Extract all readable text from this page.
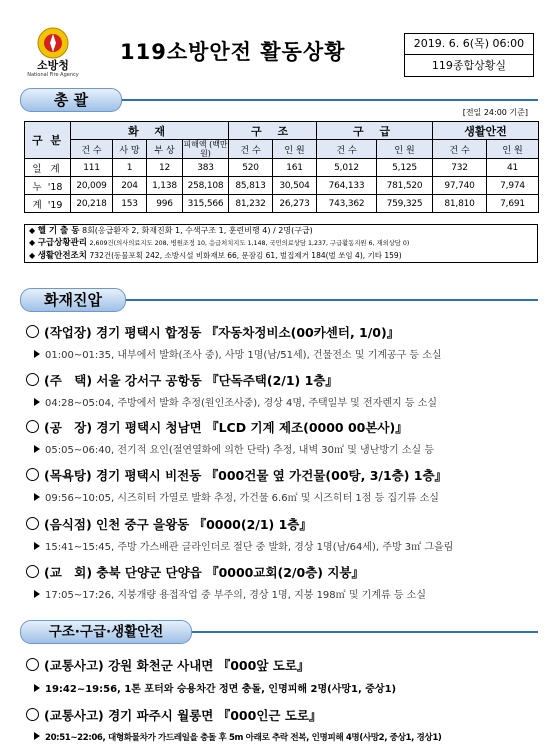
소방청
National Fire Agency
119소방안전 활동상황	2019. 6. 6(목) 06:00
119종합상황실
총 괄
[전일 24:00 기준]
구 분	화 재				구 조		구 급		생활안전	
	건 수	사 망	부 상	피해액 (백만원)	건 수	인 원	건 수	인 원	건 수	인 원
일 계	111	1	12	383	520	161	5,012	5,125	732	41
누 '18	20,009	204	1,138	258,108	85,813	30,504	764,133	781,520	97,740	7,974
계 '19	20,218	153	996	315,566	81,232	26,273	743,362	759,325	81,810	7,691
◆ 헬 기 출 동 8회(응급환자 2, 화재진화 1, 수색구조 1, 훈련비행 4) / 2명(구급)
◆ 구급상황관리 2,609건(의사의료지도 208, 병원조정 10, 응급처치지도 1,148, 국민의료상담 1,237, 구급활동지원 6, 재외상담 0)
◆ 생활안전조치 732건(동물포획 242, 소방시설 비화재보 66, 문잠김 61, 벌집제거 184(벌 쏘임 4), 기타 159)
화재진압
(작업장) 경기 평택시 합정동 『자동차정비소(00카센터, 1/0)』
01:00~01:35, 내부에서 발화(조사 중), 사망 1명(남/51세), 건물전소 및 기계공구 등 소실
(주　택) 서울 강서구 공항동 『단독주택(2/1) 1층』
04:28~05:04, 주방에서 발화 추정(원인조사중), 경상 4명, 주택일부 및 전자렌지 등 소실
(공　장) 경기 평택시 청남면 『LCD 기계 제조(0000 00본사)』
05:05~06:40, 전기적 요인(절연열화에 의한 단락) 추정, 내벽 30㎡ 및 냉난방기 소실 등
(목욕탕) 경기 평택시 비전동 『000건물 옆 가건물(00탕, 3/1층) 1층』
09:56~10:05, 시즈히터 가열로 발화 추정, 가건물 6.6㎡ 및 시즈히터 1점 등 집기류 소실
(음식점) 인천 중구 을왕동 『0000(2/1) 1층』
15:41~15:45, 주방 가스배관 글라인더로 절단 중 발화, 경상 1명(남/64세), 주방 3㎡ 그을림
(교　회) 충북 단양군 단양읍 『0000교회(2/0층) 지붕』
17:05~17:26, 지붕개량 용접작업 중 부주의, 경상 1명, 지붕 198㎡ 및 기계류 등 소실
구조·구급·생활안전
(교통사고) 강원 화천군 사내면 『000앞 도로』
19:42~19:56, 1톤 포터와 승용차간 정면 충돌, 인명피해 2명(사망1, 중상1)
(교통사고) 경기 파주시 월롱면 『000인근 도로』
20:51~22:06, 대형화물차가 가드레일을 충돌 후 5m 아래로 추락 전복, 인명피해 4명(사망2, 중상1, 경상1)
